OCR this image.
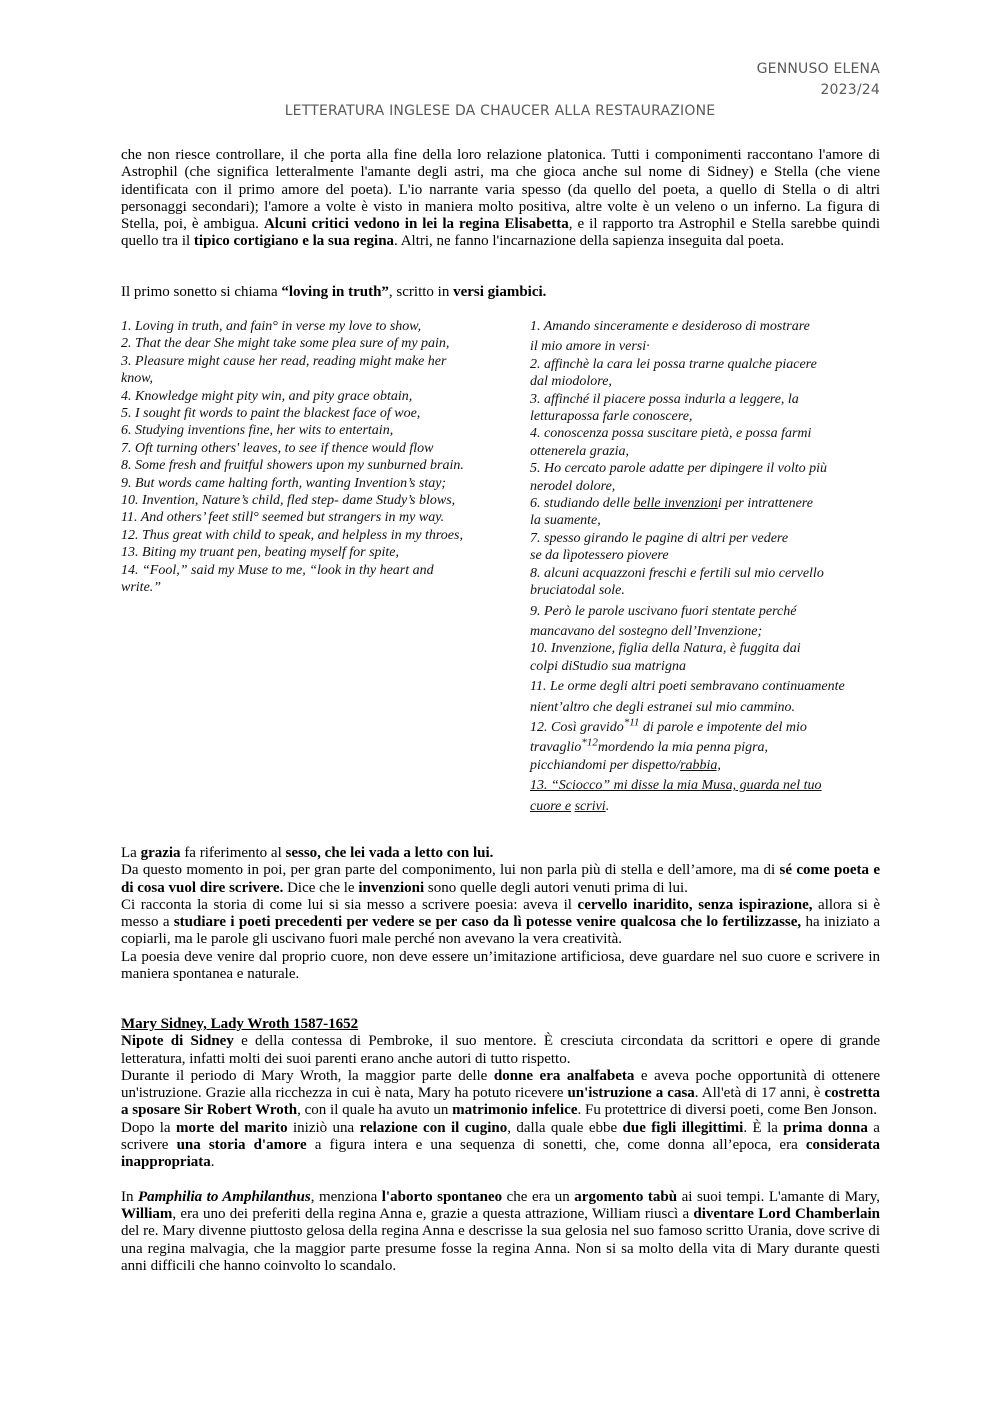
GENNUSO ELENA
2023/24
LETTERATURA INGLESE DA CHAUCER ALLA RESTAURAZIONE

che non riesce controllare, il che porta alla fine della loro relazione platonica. Tutti i componimenti raccontano l'amore di Astrophil (che significa letteralmente l'amante degli astri, ma che gioca anche sul nome di Sidney) e Stella (che viene identificata con il primo amore del poeta). L'io narrante varia spesso (da quello del poeta, a quello di Stella o di altri personaggi secondari); l'amore a volte è visto in maniera molto positiva, altre volte è un veleno o un inferno. La figura di Stella, poi, è ambigua. Alcuni critici vedono in lei la regina Elisabetta, e il rapporto tra Astrophil e Stella sarebbe quindi quello tra il tipico cortigiano e la sua regina. Altri, ne fanno l'incarnazione della sapienza inseguita dal poeta.

Il primo sonetto si chiama “loving in truth”, scritto in versi giambici.

1. Loving in truth, and fain° in verse my love to show,

2. That the dear She might take some plea sure of my pain,

3. Pleasure might cause her read, reading might make her know,

4. Knowledge might pity win, and pity grace obtain,

5. I sought fit words to paint the blackest face of woe,

6. Studying inventions fine, her wits to entertain,

7. Oft turning others' leaves, to see if thence would flow

8. Some fresh and fruitful showers upon my sunburned brain.

9. But words came halting forth, wanting Invention’s stay;

10. Invention, Nature’s child, fled step- dame Study’s blows,

11. And others’ feet still° seemed but strangers in my way.

12. Thus great with child to speak, and helpless in my throes,

13. Biting my truant pen, beating myself for spite,

14. “Fool,” said my Muse to me, “look in thy heart and write.”

1. Amando sinceramente e desideroso di mostrare

il mio amore in versi·

2. affinchè la cara lei possa trarne qualche piacere

dal miodolore,

3. affinché il piacere possa indurla a leggere, la

letturapossa farle conoscere,

4. conoscenza possa suscitare pietà, e possa farmi

ottenerela grazia,

5. Ho cercato parole adatte per dipingere il volto più

nerodel dolore,

6. studiando delle belle invenzioni per intrattenere

la suamente,

7. spesso girando le pagine di altri per vedere

se da lìpotessero piovere

8. alcuni acquazzoni freschi e fertili sul mio cervello

bruciatodal sole.

9. Però le parole uscivano fuori stentate perché

mancavano del sostegno dell’Invenzione;

10. Invenzione, figlia della Natura, è fuggita dai

colpi diStudio sua matrigna

11. Le orme degli altri poeti sembravano continuamente

nient’altro che degli estranei sul mio cammino.

12. Così gravido$^{*11}$ di parole e impotente del mio

travaglio$^{*12}$mordendo la mia penna pigra,

picchiandomi per dispetto/rabbia,

13. “Sciocco” mi disse la mia Musa, guarda nel tuo

cuore e scrivi.

La grazia fa riferimento al sesso, che lei vada a letto con lui.

Da questo momento in poi, per gran parte del componimento, lui non parla più di stella e dell’amore, ma di sé come poeta e di cosa vuol dire scrivere. Dice che le invenzioni sono quelle degli autori venuti prima di lui.

Ci racconta la storia di come lui si sia messo a scrivere poesia: aveva il cervello inaridito, senza ispirazione, allora si è messo a studiare i poeti precedenti per vedere se per caso da lì potesse venire qualcosa che lo fertilizzasse, ha iniziato a copiarli, ma le parole gli uscivano fuori male perché non avevano la vera creatività.

La poesia deve venire dal proprio cuore, non deve essere un’imitazione artificiosa, deve guardare nel suo cuore e scrivere in maniera spontanea e naturale.

Mary Sidney, Lady Wroth 1587-1652

Nipote di Sidney e della contessa di Pembroke, il suo mentore. È cresciuta circondata da scrittori e opere di grande letteratura, infatti molti dei suoi parenti erano anche autori di tutto rispetto.

Durante il periodo di Mary Wroth, la maggior parte delle donne era analfabeta e aveva poche opportunità di ottenere un'istruzione. Grazie alla ricchezza in cui è nata, Mary ha potuto ricevere un'istruzione a casa. All'età di 17 anni, è costretta a sposare Sir Robert Wroth, con il quale ha avuto un matrimonio infelice. Fu protettrice di diversi poeti, come Ben Jonson.

Dopo la morte del marito iniziò una relazione con il cugino, dalla quale ebbe due figli illegittimi. È la prima donna a scrivere una storia d'amore a figura intera e una sequenza di sonetti, che, come donna all’epoca, era considerata inappropriata.

In Pamphilia to Amphilanthus, menziona l'aborto spontaneo che era un argomento tabù ai suoi tempi. L'amante di Mary, William, era uno dei preferiti della regina Anna e, grazie a questa attrazione, William riuscì a diventare Lord Chamberlain del re. Mary divenne piuttosto gelosa della regina Anna e descrisse la sua gelosia nel suo famoso scritto Urania, dove scrive di una regina malvagia, che la maggior parte presume fosse la regina Anna. Non si sa molto della vita di Mary durante questi anni difficili che hanno coinvolto lo scandalo.
